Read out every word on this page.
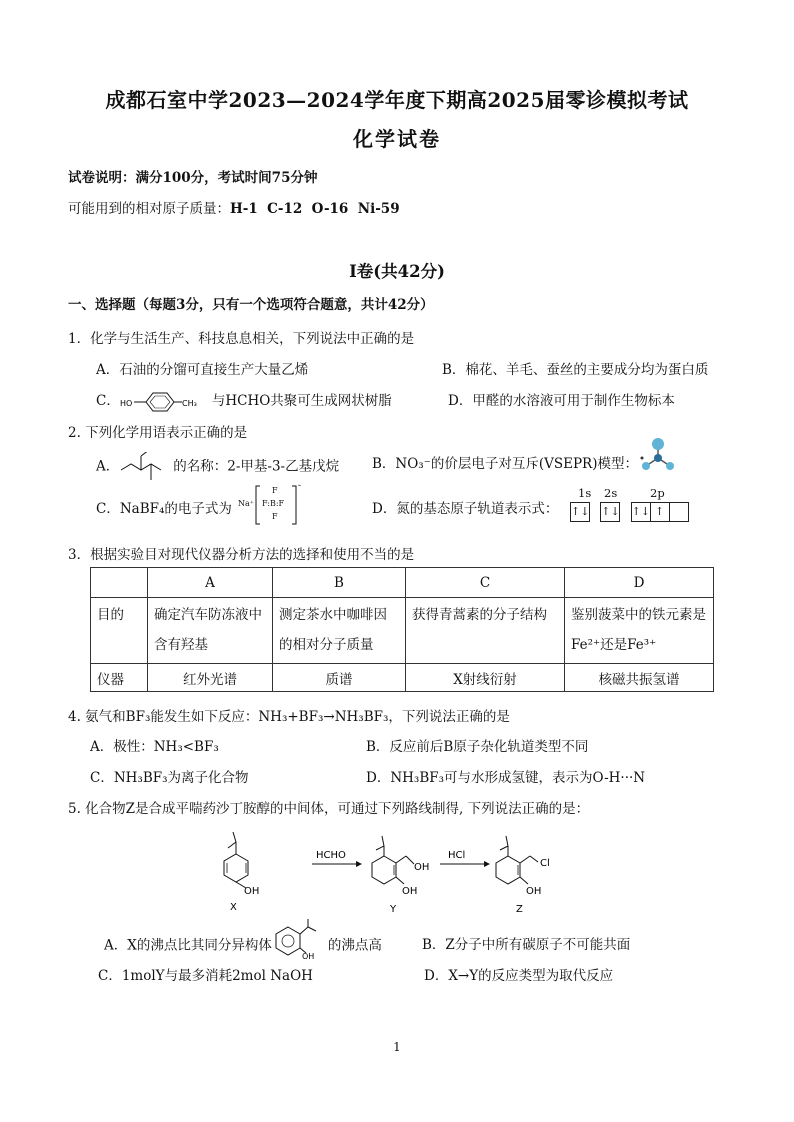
成都石室中学2023—2024学年度下期高2025届零诊模拟考试
化学试卷
试卷说明：满分100分，考试时间75分钟
可能用到的相对原子质量：H-1  C-12  O-16  Ni-59
Ⅰ卷(共42分)
一、选择题（每题3分，只有一个选项符合题意，共计42分）
1．化学与生活生产、科技息息相关，下列说法中正确的是
A．石油的分馏可直接生产大量乙烯	B．棉花、羊毛、蚕丝的主要成分均为蛋白质
C． HO	CH₃ 与HCHO共聚可生成网状树脂	D．甲醛的水溶液可用于制作生物标本
2. 下列化学用语表示正确的是
A．	的名称：2-甲基-3-乙基戊烷 B．NO₃⁻的价层电子对互斥(VSEPR)模型：
C．NaBF₄的电子式为 Na⁺
F
F:B:F
F
-
D．氮的基态原子轨道表示式：
1s 2s	2p
↑↓ ↑↓ ↑↓ ↑
3．根据实验目对现代仪器分析方法的选择和使用不当的是
	A	B	C	D
目的	确定汽车防冻液中含有羟基	测定茶水中咖啡因的相对分子质量	获得青蒿素的分子结构	鉴别菠菜中的铁元素是Fe²⁺还是Fe³⁺
仪器	红外光谱	质谱	X射线衍射	核磁共振氢谱
4. 氨气和BF₃能发生如下反应：NH₃+BF₃→NH₃BF₃，下列说法正确的是
A．极性：NH₃<BF₃	B．反应前后B原子杂化轨道类型不同
C．NH₃BF₃为离子化合物	D．NH₃BF₃可与水形成氢键，表示为O-H···N
5. 化合物Z是合成平喘药沙丁胺醇的中间体，可通过下列路线制得, 下列说法正确的是：
OH
X
HCHO
OH
OH
Y
HCl
Cl
OH
Z
A．X的沸点比其同分异构体
OH
的沸点高	B．Z分子中所有碳原子不可能共面
C．1molY与最多消耗2mol NaOH	D．X→Y的反应类型为取代反应
1
